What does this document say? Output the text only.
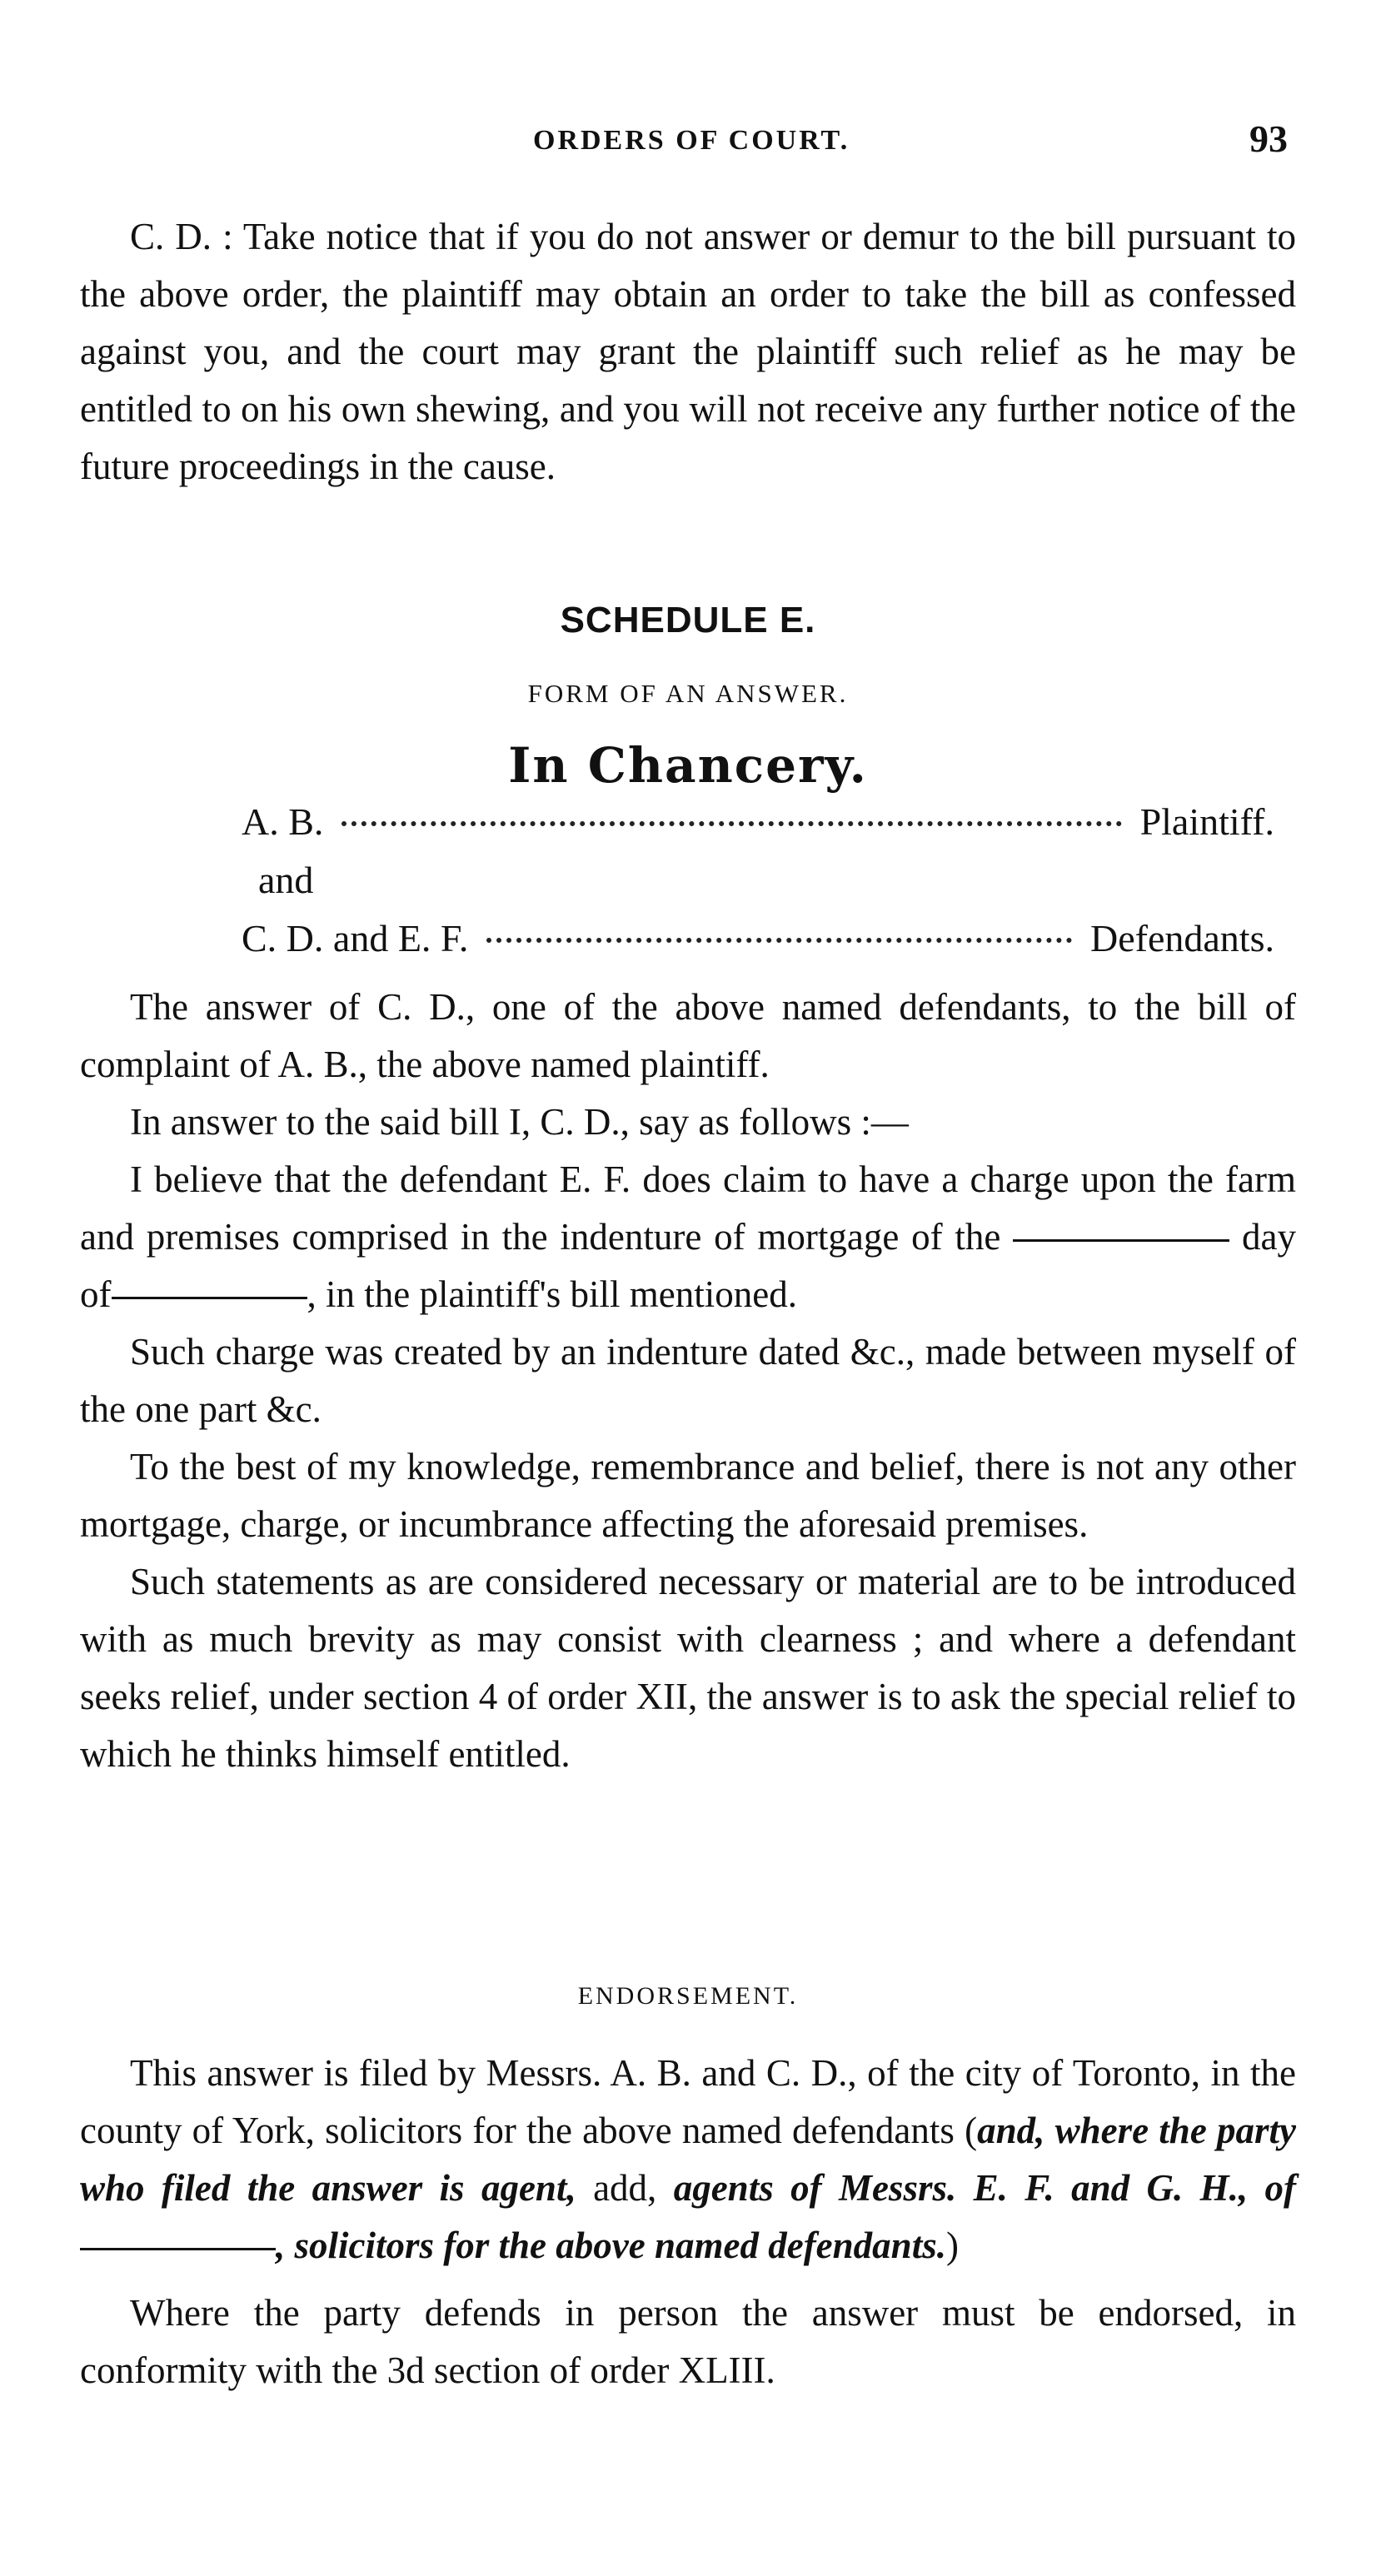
ORDERS OF COURT.	93

C. D. : Take notice that if you do not answer or demur to the bill pursuant to the above order, the plaintiff may obtain an order to take the bill as confessed against you, and the court may grant the plaintiff such relief as he may be entitled to on his own shewing, and you will not receive any further notice of the future proceedings in the cause.

SCHEDULE E.
FORM OF AN ANSWER.
In Chancery.
A. B.	Plaintiff.
and
C. D. and E. F.	Defendants.

The answer of C. D., one of the above named defendants, to the bill of complaint of A. B., the above named plaintiff.

In answer to the said bill I, C. D., say as follows :—

I believe that the defendant E. F. does claim to have a charge upon the farm and premises comprised in the indenture of mortgage of the	day of	, in the plaintiff's bill mentioned.

Such charge was created by an indenture dated &c., made between myself of the one part &c.

To the best of my knowledge, remembrance and belief, there is not any other mortgage, charge, or incumbrance affecting the aforesaid premises.

Such statements as are considered necessary or material are to be introduced with as much brevity as may consist with clearness ; and where a defendant seeks relief, under section 4 of order XII, the answer is to ask the special relief to which he thinks himself entitled.

ENDORSEMENT.

This answer is filed by Messrs. A. B. and C. D., of the city of Toronto, in the county of York, solicitors for the above named defendants (and, where the party who filed the answer is agent, add, agents of Messrs. E. F. and G. H., of , solicitors for the above named defendants.)

Where the party defends in person the answer must be endorsed, in conformity with the 3d section of order XLIII.
